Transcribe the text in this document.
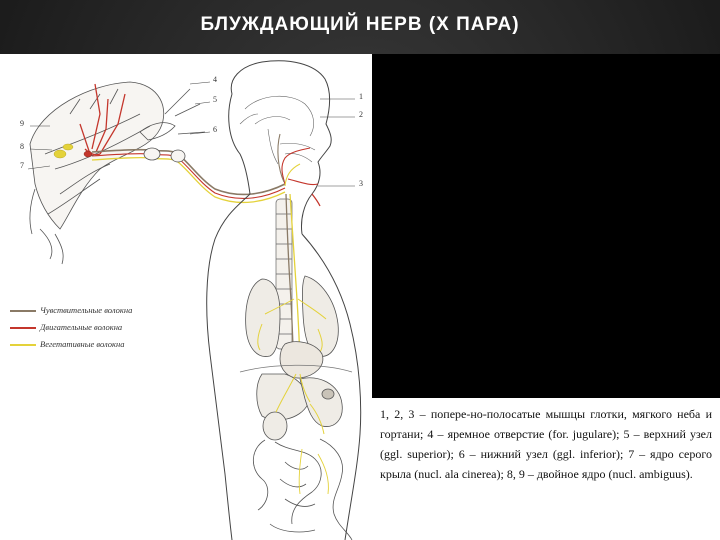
БЛУЖДАЮЩИЙ НЕРВ (X ПАРА)
1
2
3
4
5
6
7
8
9
Чувствительные волокна
Двигательные волокна
Вегетативные волокна

1, 2, 3 – попере-но-полосатые мышцы глотки, мягкого неба и гортани; 4 – яремное отверстие (for. jugulare); 5 – верхний узел (ggl. superior); 6 – нижний узел (ggl. inferior); 7 – ядро серого крыла (nucl. ala cinerea); 8, 9 – двойное ядро (nucl. ambiguus).
